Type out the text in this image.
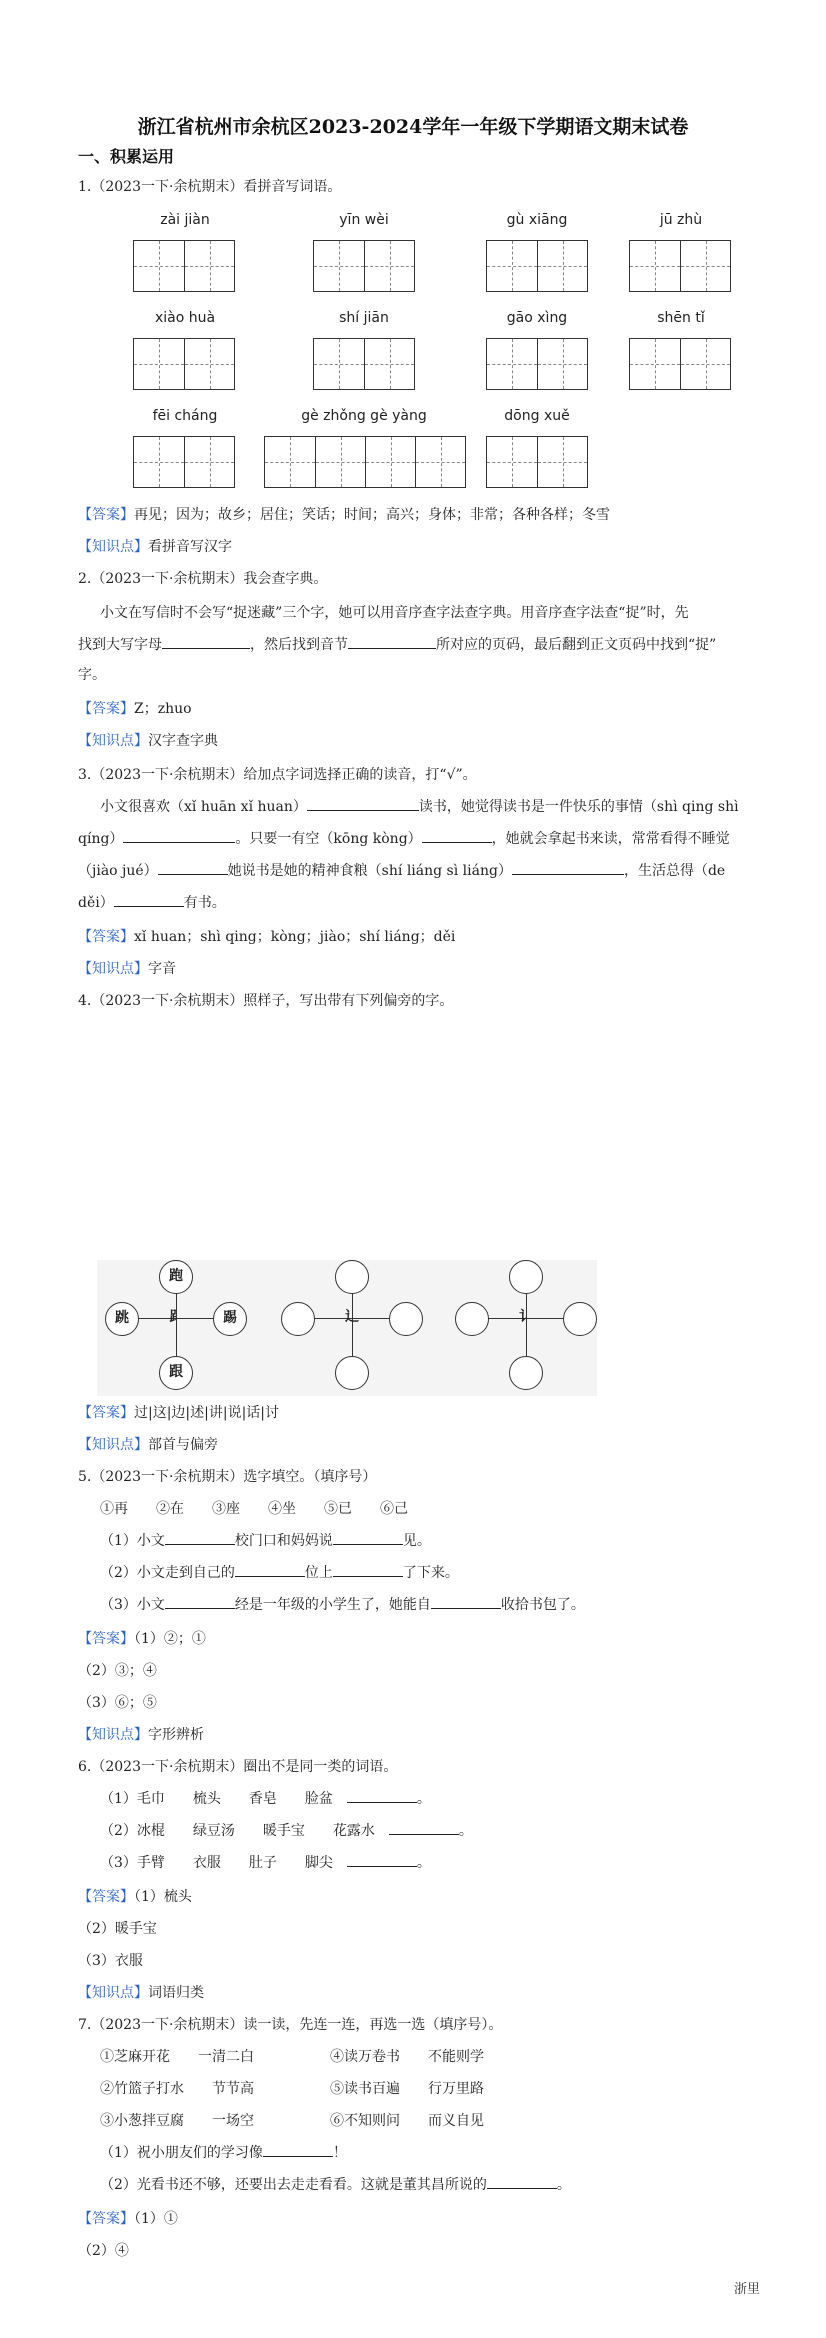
浙江省杭州市余杭区2023-2024学年一年级下学期语文期末试卷
一、积累运用
1.（2023一下·余杭期末）看拼音写词语。
zài jiàn	yīn wèi	gù xiāng	jū zhù
xiào huà	shí jiān	gāo xìng	shēn tǐ
fēi cháng	gè zhǒng gè yàng	dōng xuě
【答案】再见；因为；故乡；居住；笑话；时间；高兴；身体；非常；各种各样；冬雪
【知识点】看拼音写汉字
2.（2023一下·余杭期末）我会查字典。
小文在写信时不会写“捉迷藏”三个字，她可以用音序查字法查字典。用音序查字法查“捉”时，先
找到大写字母	，然后找到音节	所对应的页码，最后翻到正文页码中找到“捉”
字。
【答案】Z；zhuo
【知识点】汉字查字典
3.（2023一下·余杭期末）给加点字词选择正确的读音，打“√”。
小文很喜欢（xǐ huān xǐ huan）	读书，她觉得读书是一件快乐的事情（shì qing shì
qíng）	。只要一有空（kōng kòng）	，她就会拿起书来读，常常看得不睡觉
（jiào jué）	她说书是她的精神食粮（shí liáng sì liáng）	，生活总得（de
děi）	有书。
【答案】xǐ huan；shì qing；kòng；jiào；shí liáng；děi
【知识点】字音
4.（2023一下·余杭期末）照样子，写出带有下列偏旁的字。
跑
跳	⻊	踢
跟
辶	讠
【答案】过|这|边|述|讲|说|话|讨
【知识点】部首与偏旁
5.（2023一下·余杭期末）选字填空。（填序号）
①再　　②在　　③座　　④坐　　⑤已　　⑥己
（1）小文	校门口和妈妈说	见。
（2）小文走到自己的	位上	了下来。
（3）小文	经是一年级的小学生了，她能自	收拾书包了。
【答案】（1）②；①
（2）③；④
（3）⑥；⑤
【知识点】字形辨析
6.（2023一下·余杭期末）圈出不是同一类的词语。
（1）毛巾　　梳头　　香皂　　脸盆　	。
（2）冰棍　　绿豆汤　　暖手宝　　花露水　	。
（3）手臂　　衣服　　肚子　　脚尖　	。
【答案】（1）梳头
（2）暖手宝
（3）衣服
【知识点】词语归类
7.（2023一下·余杭期末）读一读，先连一连，再选一选（填序号）。
①芝麻开花　　一清二白	④读万卷书　　不能则学
②竹篮子打水　　节节高	⑤读书百遍　　行万里路
③小葱拌豆腐　　一场空	⑥不知则问　　而义自见
（1）祝小朋友们的学习像	！
（2）光看书还不够，还要出去走走看看。这就是董其昌所说的	。
【答案】（1）①
（2）④
浙里
